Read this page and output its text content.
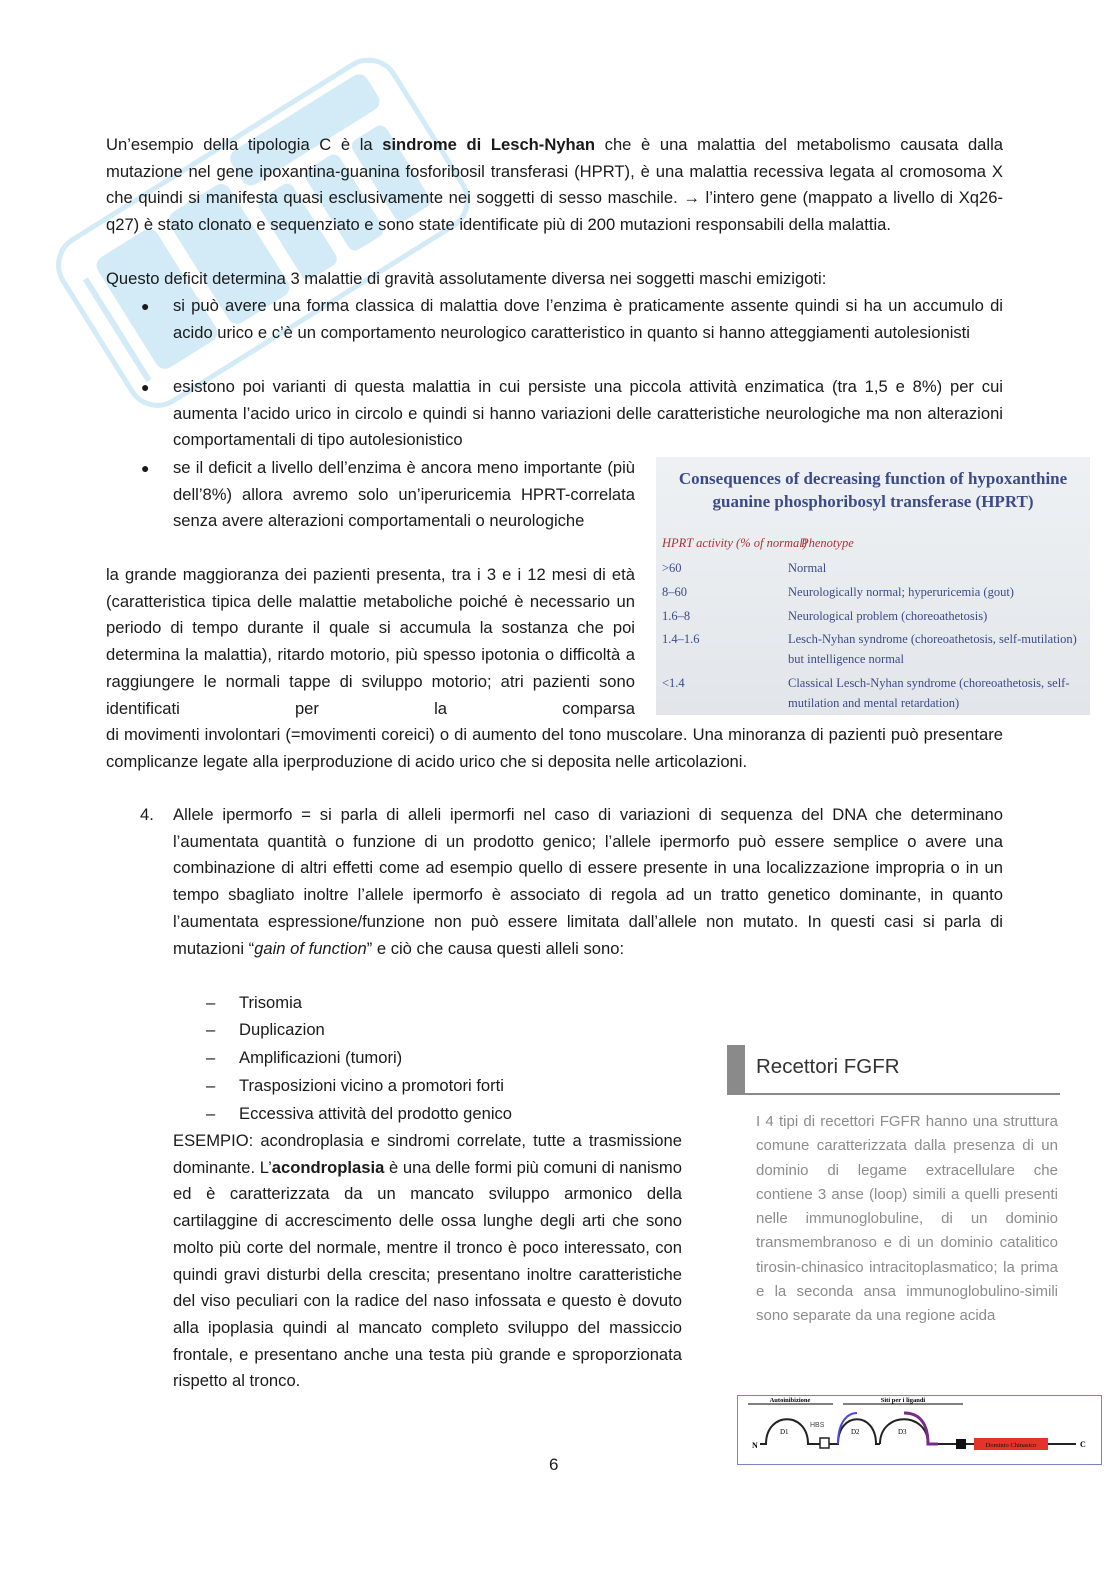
Un’esempio della tipologia C è la sindrome di Lesch-Nyhan che è una malattia del metabolismo causata dalla mutazione nel gene ipoxantina-guanina fosforibosil transferasi (HPRT), è una malattia recessiva legata al cromosoma X che quindi si manifesta quasi esclusivamente nei soggetti di sesso maschile. → l’intero gene (mappato a livello di Xq26-q27) è stato clonato e sequenziato e sono state identificate più di 200 mutazioni responsabili della malattia.
Questo deficit determina 3 malattie di gravità assolutamente diversa nei soggetti maschi emizigoti:
● si può avere una forma classica di malattia dove l’enzima è praticamente assente quindi si ha un accumulo di acido urico e c’è un comportamento neurologico caratteristico in quanto si hanno atteggiamenti autolesionisti
● esistono poi varianti di questa malattia in cui persiste una piccola attività enzimatica (tra 1,5 e 8%) per cui aumenta l’acido urico in circolo e quindi si hanno variazioni delle caratteristiche neurologiche ma non alterazioni comportamentali di tipo autolesionistico
● se il deficit a livello dell’enzima è ancora meno importante (più dell’8%) allora avremo solo un’iperuricemia HPRT-correlata senza avere alterazioni comportamentali o neurologiche
la grande maggioranza dei pazienti presenta, tra i 3 e i 12 mesi di età (caratteristica tipica delle malattie metaboliche poiché è necessario un periodo di tempo durante il quale si accumula la sostanza che poi determina la malattia), ritardo motorio, più spesso ipotonia o difficoltà a raggiungere le normali tappe di sviluppo motorio; atri pazienti sono identificati per la comparsa
di movimenti involontari (=movimenti coreici) o di aumento del tono muscolare. Una minoranza di pazienti può presentare complicanze legate alla iperproduzione di acido urico che si deposita nelle articolazioni.
Consequences of decreasing function of hypoxanthine guanine phosphoribosyl transferase (HPRT)
HPRT activity (% of normal)
Phenotype
>60	Normal
8–60	Neurologically normal; hyperuricemia (gout)
1.6–8	Neurological problem (choreoathetosis)
1.4–1.6	Lesch-Nyhan syndrome (choreoathetosis, self-mutilation) but intelligence normal
<1.4	Classical Lesch-Nyhan syndrome (choreoathetosis, self-mutilation and mental retardation)
4. Allele ipermorfo = si parla di alleli ipermorfi nel caso di variazioni di sequenza del DNA che determinano l’aumentata quantità o funzione di un prodotto genico; l’allele ipermorfo può essere semplice o avere una combinazione di altri effetti come ad esempio quello di essere presente in una localizzazione impropria o in un tempo sbagliato inoltre l’allele ipermorfo è associato di regola ad un tratto genetico dominante, in quanto l’aumentata espressione/funzione non può essere limitata dall’allele non mutato. In questi casi si parla di mutazioni “gain of function” e ciò che causa questi alleli sono:
– Trisomia
– Duplicazion
– Amplificazioni (tumori)
– Trasposizioni vicino a promotori forti
– Eccessiva attività del prodotto genico
ESEMPIO: acondroplasia e sindromi correlate, tutte a trasmissione dominante. L’acondroplasia è una delle formi più comuni di nanismo ed è caratterizzata da un mancato sviluppo armonico della cartilaggine di accrescimento delle ossa lunghe degli arti che sono molto più corte del normale, mentre il tronco è poco interessato, con quindi gravi disturbi della crescita; presentano inoltre caratteristiche del viso peculiari con la radice del naso infossata e questo è dovuto alla ipoplasia quindi al mancato completo sviluppo del massiccio frontale, e presentano anche una testa più grande e sproporzionata rispetto al tronco.
Recettori FGFR
I 4 tipi di recettori FGFR hanno una struttura comune caratterizzata dalla presenza di un dominio di legame extracellulare che contiene 3 anse (loop) simili a quelli presenti nelle immunoglobuline, di un dominio transmembranoso e di un dominio catalitico tirosin-chinasico intracitoplasmatico; la prima e la seconda ansa immunoglobulino-simili sono separate da una regione acida
Autoinibizione	Siti per i ligandi
N
D1
HBS
D2	D3
Dominio Chinasico	C
6
